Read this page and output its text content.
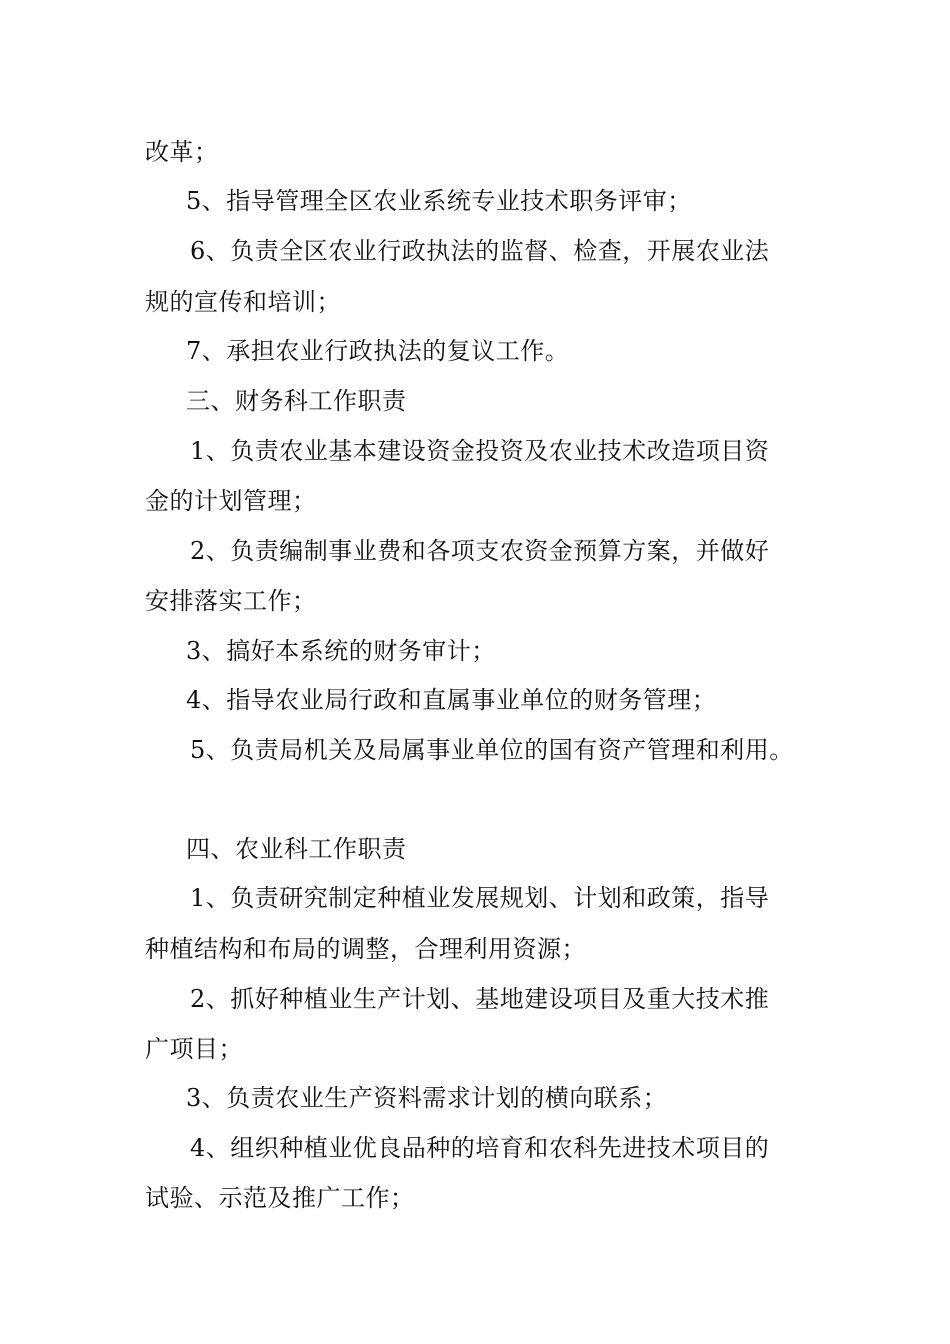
改革；
5、指导管理全区农业系统专业技术职务评审；
6、负责全区农业行政执法的监督、检查，开展农业法
规的宣传和培训；
7、承担农业行政执法的复议工作。
三、财务科工作职责
1、负责农业基本建设资金投资及农业技术改造项目资
金的计划管理；
2、负责编制事业费和各项支农资金预算方案，并做好
安排落实工作；
3、搞好本系统的财务审计；
4、指导农业局行政和直属事业单位的财务管理；
5、负责局机关及局属事业单位的国有资产管理和利用。
四、农业科工作职责
1、负责研究制定种植业发展规划、计划和政策，指导
种植结构和布局的调整，合理利用资源；
2、抓好种植业生产计划、基地建设项目及重大技术推
广项目；
3、负责农业生产资料需求计划的横向联系；
4、组织种植业优良品种的培育和农科先进技术项目的
试验、示范及推广工作；
